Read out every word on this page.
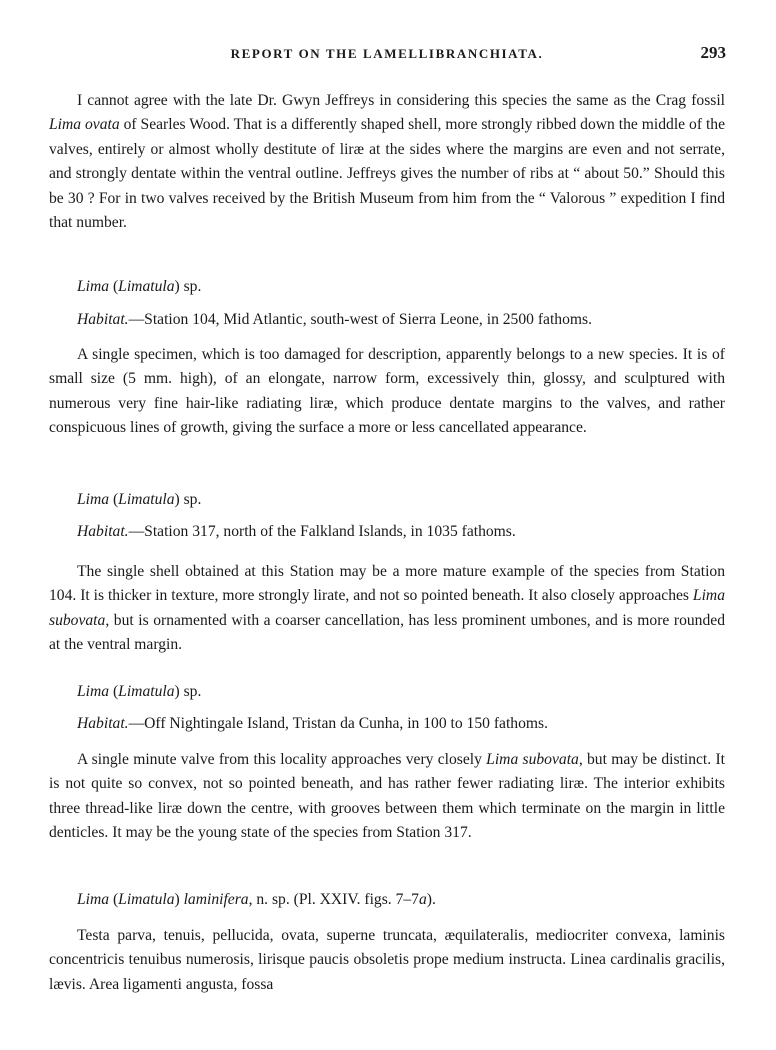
REPORT ON THE LAMELLIBRANCHIATA.	293

I cannot agree with the late Dr. Gwyn Jeffreys in considering this species the same as the Crag fossil Lima ovata of Searles Wood. That is a differently shaped shell, more strongly ribbed down the middle of the valves, entirely or almost wholly destitute of liræ at the sides where the margins are even and not serrate, and strongly dentate within the ventral outline. Jeffreys gives the number of ribs at “ about 50.” Should this be 30 ? For in two valves received by the British Museum from him from the “ Valorous ” expedition I find that number.

Lima (Limatula) sp.

Habitat.—Station 104, Mid Atlantic, south-west of Sierra Leone, in 2500 fathoms.

A single specimen, which is too damaged for description, apparently belongs to a new species. It is of small size (5 mm. high), of an elongate, narrow form, excessively thin, glossy, and sculptured with numerous very fine hair-like radiating liræ, which produce dentate margins to the valves, and rather conspicuous lines of growth, giving the surface a more or less cancellated appearance.

Lima (Limatula) sp.

Habitat.—Station 317, north of the Falkland Islands, in 1035 fathoms.

The single shell obtained at this Station may be a more mature example of the species from Station 104. It is thicker in texture, more strongly lirate, and not so pointed beneath. It also closely approaches Lima subovata, but is ornamented with a coarser cancellation, has less prominent umbones, and is more rounded at the ventral margin.

Lima (Limatula) sp.

Habitat.—Off Nightingale Island, Tristan da Cunha, in 100 to 150 fathoms.

A single minute valve from this locality approaches very closely Lima subovata, but may be distinct. It is not quite so convex, not so pointed beneath, and has rather fewer radiating liræ. The interior exhibits three thread-like liræ down the centre, with grooves between them which terminate on the margin in little denticles. It may be the young state of the species from Station 317.

Lima (Limatula) laminifera, n. sp. (Pl. XXIV. figs. 7–7a).

Testa parva, tenuis, pellucida, ovata, superne truncata, æquilateralis, mediocriter convexa, laminis concentricis tenuibus numerosis, lirisque paucis obsoletis prope medium instructa. Linea cardinalis gracilis, lævis. Area ligamenti angusta, fossa
